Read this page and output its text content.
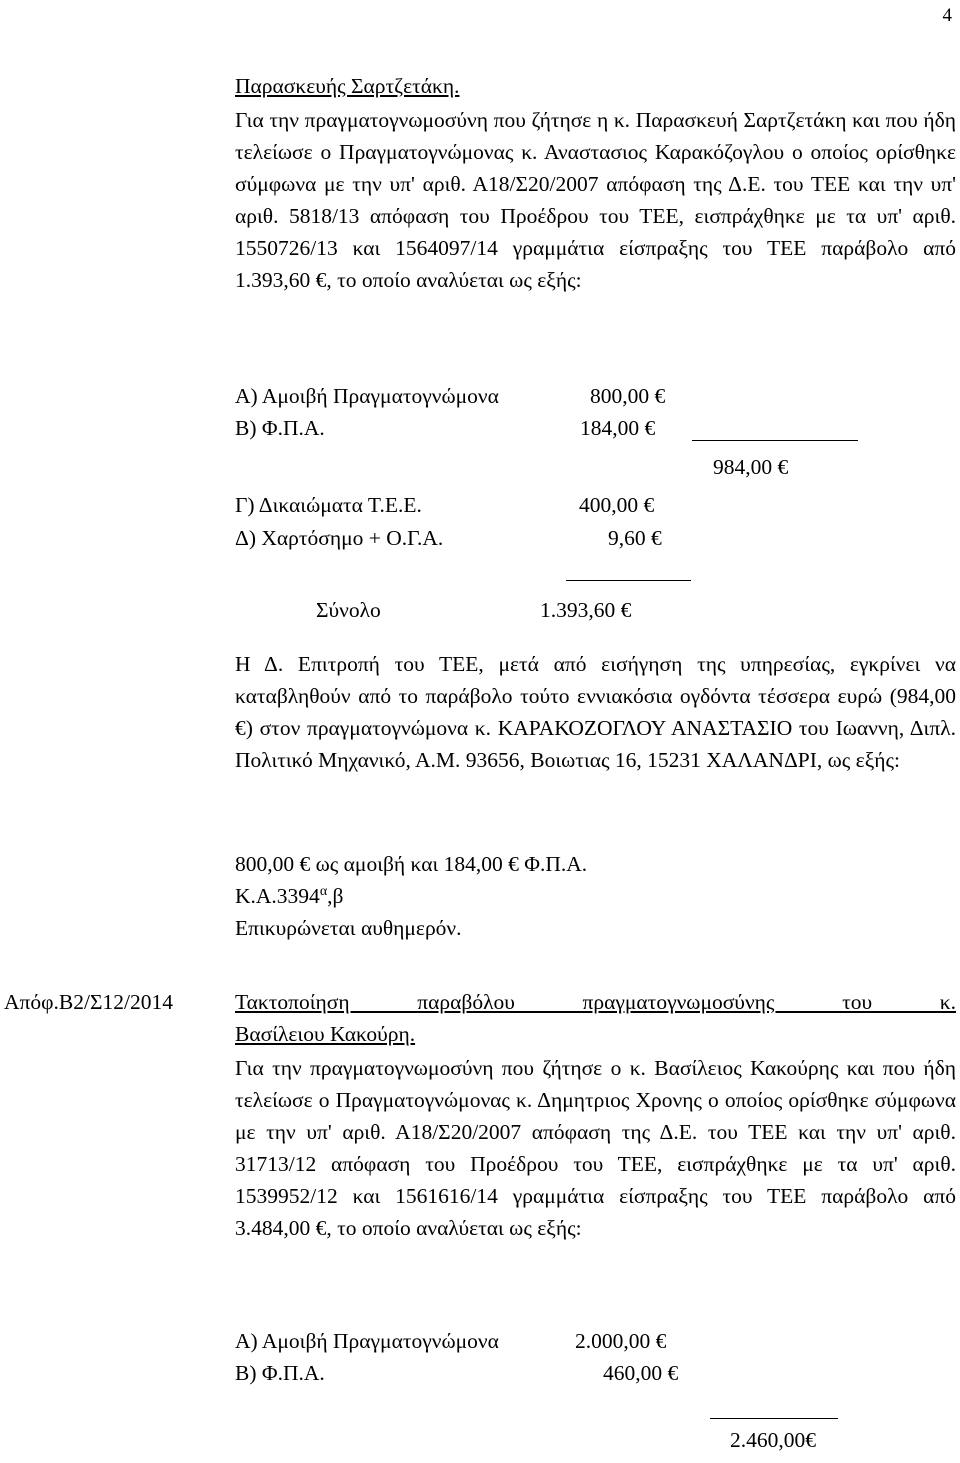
4
Παρασκευής Σαρτζετάκη.
Για την πραγματογνωμοσύνη που ζήτησε η κ. Παρασκευή Σαρτζετάκη και που ήδη τελείωσε ο Πραγματογνώμονας κ. Αναστασιος Καρακόζογλου ο οποίος ορίσθηκε σύμφωνα με την υπ' αριθ. Α18/Σ20/2007 απόφαση της Δ.Ε. του ΤΕΕ και την υπ' αριθ. 5818/13 απόφαση του Προέδρου του ΤΕΕ, εισπράχθηκε με τα υπ' αριθ. 1550726/13 και 1564097/14 γραμμάτια είσπραξης του ΤΕΕ παράβολο από 1.393,60 €, το οποίο αναλύεται ως εξής:
Α) Αμοιβή Πραγματογνώμονα	800,00 €
Β) Φ.Π.Α.	184,00 €
984,00 €
Γ) Δικαιώματα Τ.Ε.Ε.	400,00 €
Δ) Χαρτόσημο + Ο.Γ.Α.	9,60 €
Σύνολο	1.393,60 €
Η Δ. Επιτροπή του ΤΕΕ, μετά από εισήγηση της υπηρεσίας, εγκρίνει να καταβληθούν από το παράβολο τούτο εννιακόσια ογδόντα τέσσερα ευρώ (984,00 €) στον πραγματογνώμονα κ. ΚΑΡΑΚΟΖΟΓΛΟΥ ΑΝΑΣΤΑΣΙΟ του Ιωαννη, Διπλ. Πολιτικό Μηχανικό, Α.Μ. 93656, Βοιωτιας 16, 15231 ΧΑΛΑΝΔΡΙ, ως εξής:
800,00 € ως αμοιβή και 184,00 € Φ.Π.Α.
$K.A.3394^\alpha,\beta$
Επικυρώνεται αυθημερόν.
Απόφ.Β2/Σ12/2014	Τακτοποίηση παραβόλου πραγματογνωμοσύνης του κ.
Βασίλειου Κακούρη.
Για την πραγματογνωμοσύνη που ζήτησε ο κ. Βασίλειος Κακούρης και που ήδη τελείωσε ο Πραγματογνώμονας κ. Δημητριος Χρονης ο οποίος ορίσθηκε σύμφωνα με την υπ' αριθ. Α18/Σ20/2007 απόφαση της Δ.Ε. του ΤΕΕ και την υπ' αριθ. 31713/12 απόφαση του Προέδρου του ΤΕΕ, εισπράχθηκε με τα υπ' αριθ. 1539952/12 και 1561616/14 γραμμάτια είσπραξης του ΤΕΕ παράβολο από 3.484,00 €, το οποίο αναλύεται ως εξής:
Α) Αμοιβή Πραγματογνώμονα	2.000,00 €
Β) Φ.Π.Α.	460,00 €
2.460,00€
